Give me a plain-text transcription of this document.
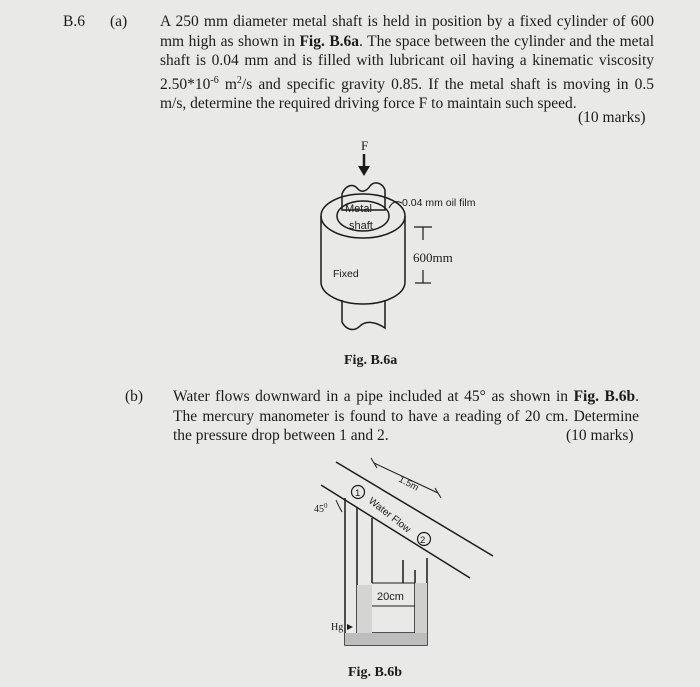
B.6 (a) A 250 mm diameter metal shaft is held in position by a fixed cylinder of 600 mm high as shown in Fig. B.6a. The space between the cylinder and the metal shaft is 0.04 mm and is filled with lubricant oil having a kinematic viscosity $2.50*10^{-6}$ $m^2/s$ and specific gravity 0.85. If the metal shaft is moving in 0.5 m/s, determine the required driving force F to maintain such speed.
(10 marks)
F
Metal
shaft
Fixed
0.04 mm oil film
600mm
Fig. B.6a
(b) Water flows downward in a pipe included at 45° as shown in Fig. B.6b. The mercury manometer is found to have a reading of 20 cm. Determine the pressure drop between 1 and 2.	(10 marks)
1.5m
1
Water Flow
2
$45^0$
20cm
Hg
Fig. B.6b
